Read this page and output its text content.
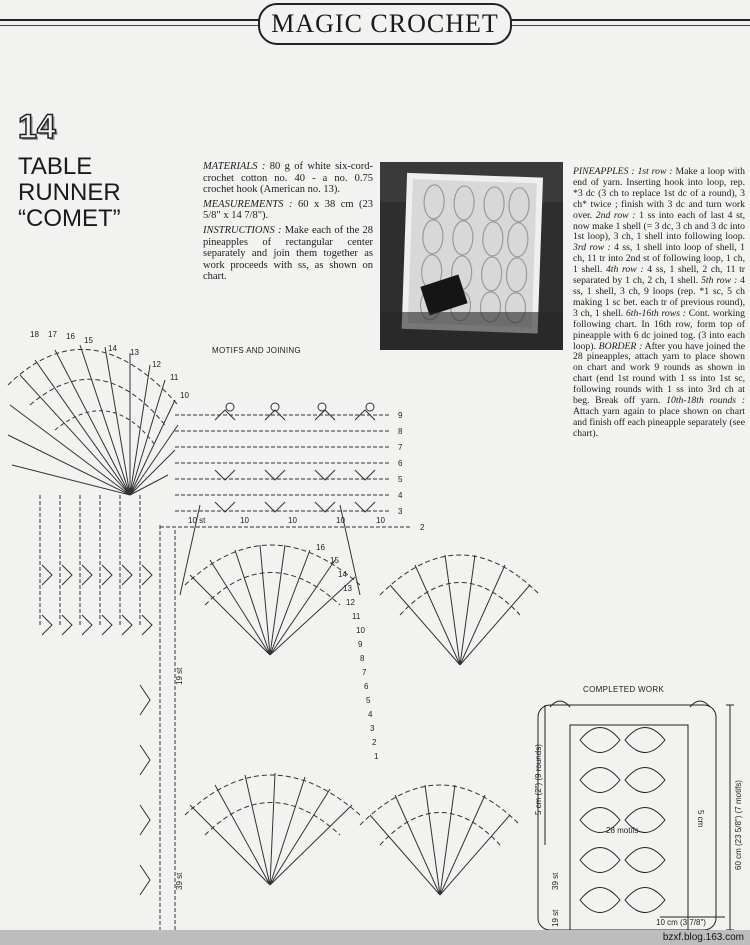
MAGIC CROCHET
14
TABLE
RUNNER
“COMET”

MATERIALS : 80 g of white six-cord-crochet cotton no. 40 - a no. 0.75 crochet hook (American no. 13).

MEASUREMENTS : 60 x 38 cm (23 5/8" x 14 7/8").

INSTRUCTIONS : Make each of the 28 pineapples of rectangular center separately and join them together as work proceeds with ss, as shown on chart.

PINEAPPLES : 1st row : Make a loop with end of yarn. Inserting hook into loop, rep. *3 dc (3 ch to replace 1st dc of a round), 3 ch* twice ; finish with 3 dc and turn work over. 2nd row : 1 ss into each of last 4 st, now make 1 shell (= 3 dc, 3 ch and 3 dc into 1st loop), 3 ch, 1 shell into following loop. 3rd row : 4 ss, 1 shell into loop of shell, 1 ch, 11 tr into 2nd st of following loop, 1 ch, 1 shell. 4th row : 4 ss, 1 shell, 2 ch, 11 tr separated by 1 ch, 2 ch, 1 shell. 5th row : 4 ss, 1 shell, 3 ch, 9 loops (rep. *1 sc, 5 ch making 1 sc bet. each tr of previous round), 3 ch, 1 shell. 6th-16th rows : Cont. working following chart. In 16th row, form top of pineapple with 6 dc joined tog. (3 into each loop). BORDER : After you have joined the 28 pineapples, attach yarn to place shown on chart and work 9 rounds as shown in chart (end 1st round with 1 ss into 1st sc, following rounds with 1 ss into 3rd ch at beg. Break off yarn. 10th-18th rounds : Attach yarn again to place shown on chart and finish off each pineapple separately (see chart).
MOTIFS AND JOINING
18 17 16 15
14 13
12
11
10
9
8
7
6
5
4
3
2
10 st	10	10	10	10
19 st
39 st
16
15
14
13
12
11
10
9
8
7
6
5
4
3
2
1
COMPLETED WORK
28 motifs
5 cm (2") (9 rounds)
60 cm (23 5/8") (7 motifs)
5 cm
39 st
19 st	10 cm (3 7/8")
bzxf.blog.163.com
